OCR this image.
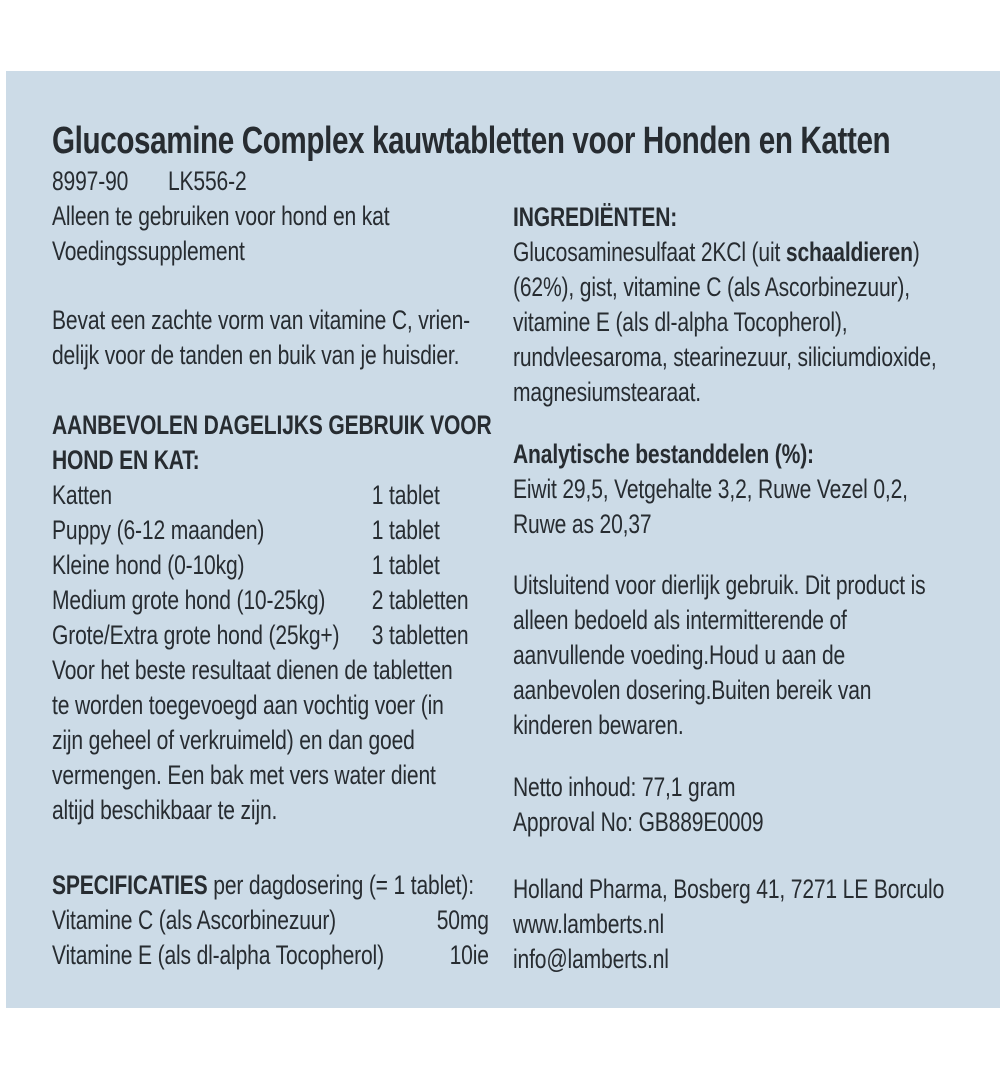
Glucosamine Complex kauwtabletten voor Honden en Katten
8997-90 LK556-2
Alleen te gebruiken voor hond en kat
Voedingssupplement
Bevat een zachte vorm van vitamine C, vrien-
delijk voor de tanden en buik van je huisdier.
AANBEVOLEN DAGELIJKS GEBRUIK VOOR
HOND EN KAT:
Katten	1 tablet
Puppy (6-12 maanden)	1 tablet
Kleine hond (0-10kg)	1 tablet
Medium grote hond (10-25kg) 2 tabletten
Grote/Extra grote hond (25kg+) 3 tabletten
Voor het beste resultaat dienen de tabletten
te worden toegevoegd aan vochtig voer (in
zijn geheel of verkruimeld) en dan goed
vermengen. Een bak met vers water dient
altijd beschikbaar te zijn.
SPECIFICATIES per dagdosering (= 1 tablet):
Vitamine C (als Ascorbinezuur)	50mg
Vitamine E (als dl-alpha Tocopherol) 10ie
INGREDIËNTEN:
Glucosaminesulfaat 2KCl (uit schaaldieren)
(62%), gist, vitamine C (als Ascorbinezuur),
vitamine E (als dl-alpha Tocopherol),
rundvleesaroma, stearinezuur, siliciumdioxide,
magnesiumstearaat.
Analytische bestanddelen (%):
Eiwit 29,5, Vetgehalte 3,2, Ruwe Vezel 0,2,
Ruwe as 20,37
Uitsluitend voor dierlijk gebruik. Dit product is
alleen bedoeld als intermitterende of
aanvullende voeding.Houd u aan de
aanbevolen dosering.Buiten bereik van
kinderen bewaren.
Netto inhoud: 77,1 gram
Approval No: GB889E0009
Holland Pharma, Bosberg 41, 7271 LE Borculo
www.lamberts.nl
info@lamberts.nl
